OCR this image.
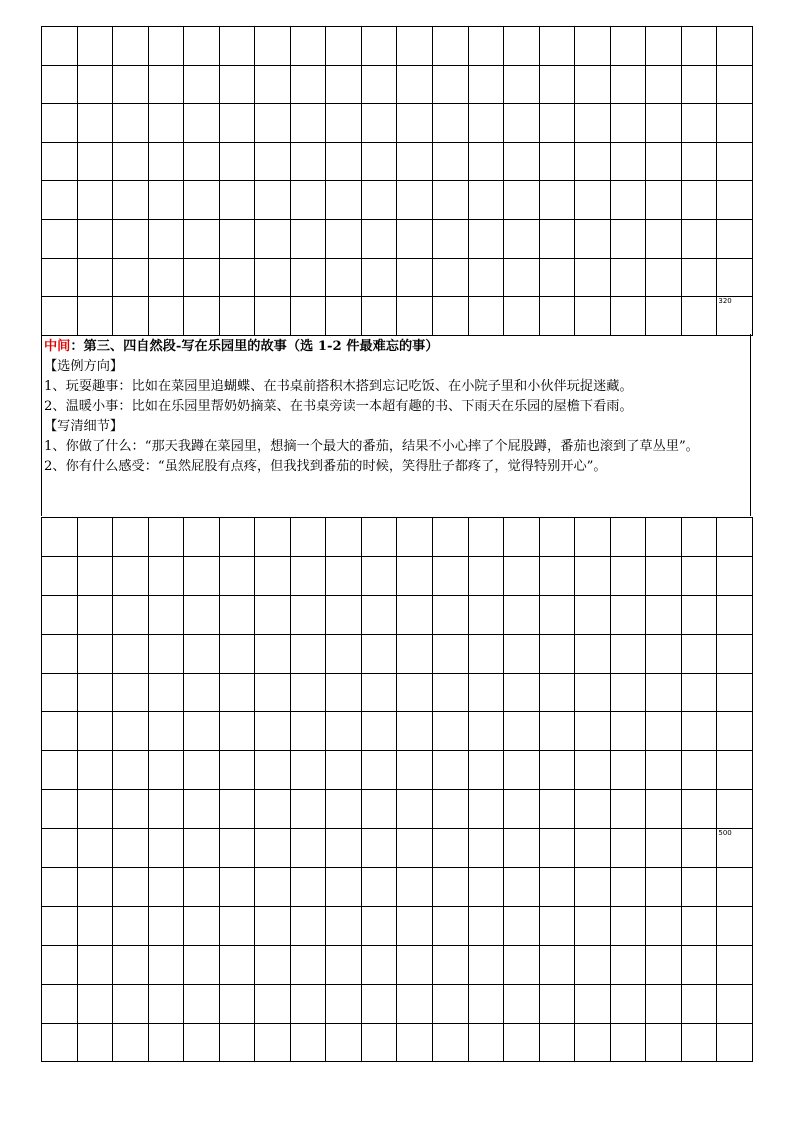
																			320
中间：第三、四自然段-写在乐园里的故事（选 1-2 件最难忘的事）
【选例方向】
1、玩耍趣事：比如在菜园里追蝴蝶、在书桌前搭积木搭到忘记吃饭、在小院子里和小伙伴玩捉迷藏。
2、温暖小事：比如在乐园里帮奶奶摘菜、在书桌旁读一本超有趣的书、下雨天在乐园的屋檐下看雨。
【写清细节】
1、你做了什么：“那天我蹲在菜园里，想摘一个最大的番茄，结果不小心摔了个屁股蹲，番茄也滚到了草丛里”。
2、你有什么感受：“虽然屁股有点疼，但我找到番茄的时候，笑得肚子都疼了，觉得特别开心”。

																			500
